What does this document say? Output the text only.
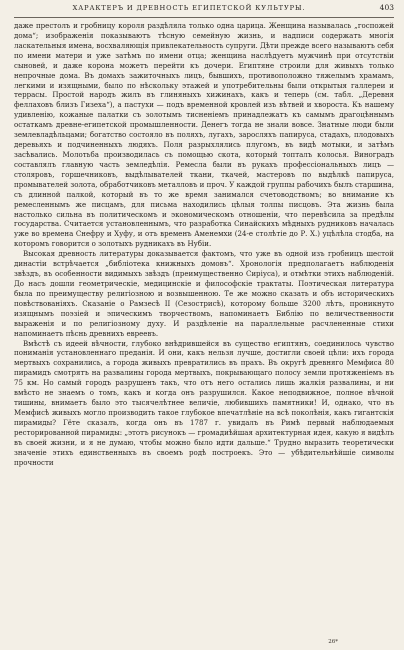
ХАРАКТЕРЪ И ДРЕВНОСТЬ ЕГИПЕТСКОЙ КУЛЬТУРЫ.	403

даже престолъ и гробницу короля раздѣляла только одна царица. Женщина называлась „госпожей дома“; изображенія показываютъ тѣсную семейную жизнь, и надписи содержатъ многія ласкательныя имена, восхваляющія привлекательность супруги. Дѣти прежде всего называютъ себя по имени матери и уже затѣмъ по имени отца; женщина наслѣдуетъ мужчинѣ при отсутствіи сыновей, и даже корона можетъ перейти къ дочери. Египтяне строили для живыхъ только непрочные дома. Въ домахъ зажиточныхъ лицъ, бывшихъ, противоположно тяжелымъ храмамъ, легкими и изящными, было по нѣскольку этажей и употребительны были открытыя галлереи и террасы. Простой народъ жилъ въ глиняныхъ хижинахъ, какъ и теперь (см. табл. „Деревня феллаховъ близъ Гизеха“), а пастухи — подъ временной кровлей изъ вѣтвей и хвороста. Къ нашему удивленію, кожаные палатки съ золотымъ тисненіемъ принадлежатъ къ самымъ драгоцѣннымъ остаткамъ древне-египетской промышленности. Денегъ тогда не знали вовсе. Знатные люди были землевладѣльцами; богатство состояло въ поляхъ, лугахъ, заросляхъ папируса, стадахъ, плодовыхъ деревьяхъ и подчиненныхъ людяхъ. Поля разрыхлялись плугомъ, въ видѣ мотыки, и затѣмъ засѣвались. Молотьба производилась съ помощью скота, который топталъ колосья. Виноградъ составлялъ главную часть земледѣлія. Ремесла были въ рукахъ профессіональныхъ лицъ — столяровъ, горшечниковъ, выдѣлывателей ткани, ткачей, мастеровъ по выдѣлкѣ папируса, промывателей золота, обработчиковъ металловъ и проч. У каждой группы рабочихъ былъ старшина, съ длинной палкой, который въ то же время занимался счетоводствомъ; во внимание къ ремесленнымъ же писцамъ, для письма находились цѣлыя толпы писцовъ. Эта жизнь была настолько сильна въ политическомъ и экономическомъ отношеніи, что перевѣсила за предѣлы государства. Считается установленнымъ, что разработка Синайскихъ мѣдныхъ рудниковъ началась уже во времена Снефру и Хуфу, и отъ временъ Аменемхи (24-е столѣтіе до Р. Х.) уцѣлѣла стодба, на которомъ говорится о золотыхъ рудникахъ въ Нубіи.

Высокая древность литературы доказывается фактомъ, что уже въ одной изъ гробницъ шестой династіи встрѣчается „библіотека книжныхъ домовъ“. Хронологія предполагаетъ наблюденія звѣздъ, въ особенности видимыхъ звѣздъ (преимущественно Сиріуса), и отмѣтки этихъ наблюденій. До насъ дошли геометрическіе, медицинскіе и философскіе трактаты. Поэтическая литература была по преимуществу религіозною и возвышенною. Те же можно сказать и объ историческихъ повѣствованіяхъ. Сказаніе о Рамзесѣ II (Сезострисѣ), которому больше 3200 лѣтъ, проникнуто изящнымъ поэзіей и эпическимъ творчествомъ, напоминаетъ Библію по величественности выраженія и по религіозному духу. И раздѣленіе на параллельные расчлененные стихи напоминаетъ пѣснь древнихъ евреевъ.

Вмѣстѣ съ идеей вѣчности, глубоко внѣдрившейся въ существо египтянъ, соединилось чувство пониманія установленнаго преданія. И они, какъ нельзя лучше, достигли своей цѣли: ихъ города мертвыхъ сохранились, а города живыхъ превратились въ прахъ. Въ округѣ древняго Мемфиса 80 пирамидъ смотрятъ на развалины города мертвыхъ, покрывающаго полосу земли протяженіемъ въ 75 км. Но самый городъ разрушенъ такъ, что отъ него остались лишь жалкія развалины, и ни вмѣсто не знаемъ о томъ, какъ и когда онъ разрушился. Какое неподвижное, полное вѣчной тишины, внимаетъ было это тысячелѣтнее величіе, любившихъ памятники! И, однако, что въ Мемфисѣ живыхъ могло производить такое глубокое впечатлѣніе на всѣ поколѣнія, какъ гигантскія пирамиды? Гёте сказалъ, когда онъ въ 1787 г. увидалъ въ Римѣ первый наблюдаемыя ресторированной пирамиды: „этотъ рисунокъ — громадиѣйшая архитектурная идея, какую я видѣлъ въ своей жизни, и я не думаю, чтобы можно было идти дальше.“ Трудно выразить теоретически значеніе этихъ единственныхъ въ своемъ родѣ построекъ. Это — убѣдительнѣйшіе символы прочности

26*
